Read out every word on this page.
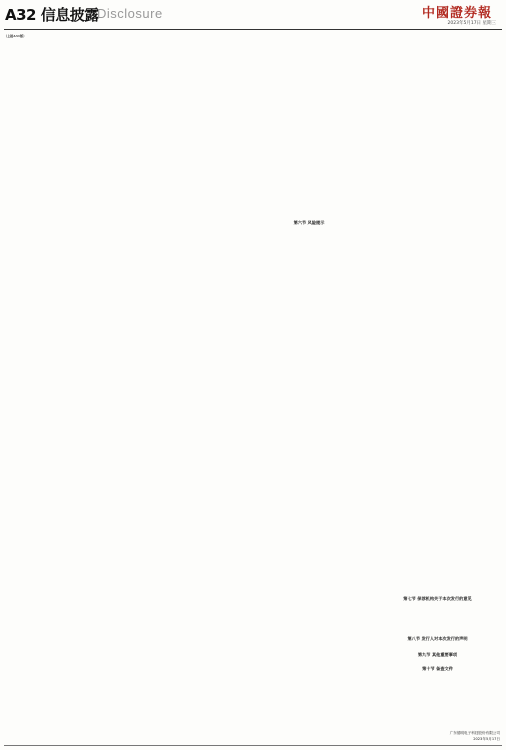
A32 信息披露
Disclosure	中國證券報
2023年5月17日 星期三
（上接A31版）
第六节 风险提示
第七节 保荐机构关于本次发行的意见
第八节 发行人对本次发行的声明
第九节 其他重要事项
第十节 备查文件
广东德明电子科技股份有限公司
2023年5月17日
